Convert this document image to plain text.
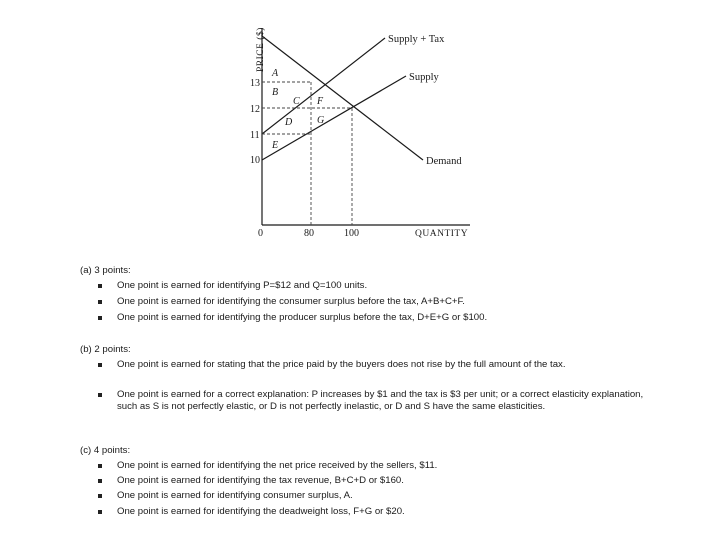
PRICE ($)
QUANTITY
13
12
11
10
0	80	100
Supply + Tax
Supply
Demand
A
B
C F
D G
E
(a) 3 points:
One point is earned for identifying P=$12 and Q=100 units.
One point is earned for identifying the consumer surplus before the tax, A+B+C+F.
One point is earned for identifying the producer surplus before the tax, D+E+G or $100.
(b) 2 points:
One point is earned for stating that the price paid by the buyers does not rise by the full amount of the tax.
One point is earned for a correct explanation: P increases by $1 and the tax is $3 per unit; or a correct elasticity explanation, such as S is not perfectly elastic, or D is not perfectly inelastic, or D and S have the same elasticities.
(c) 4 points:
One point is earned for identifying the net price received by the sellers, $11.
One point is earned for identifying the tax revenue, B+C+D or $160.
One point is earned for identifying consumer surplus, A.
One point is earned for identifying the deadweight loss, F+G or $20.
